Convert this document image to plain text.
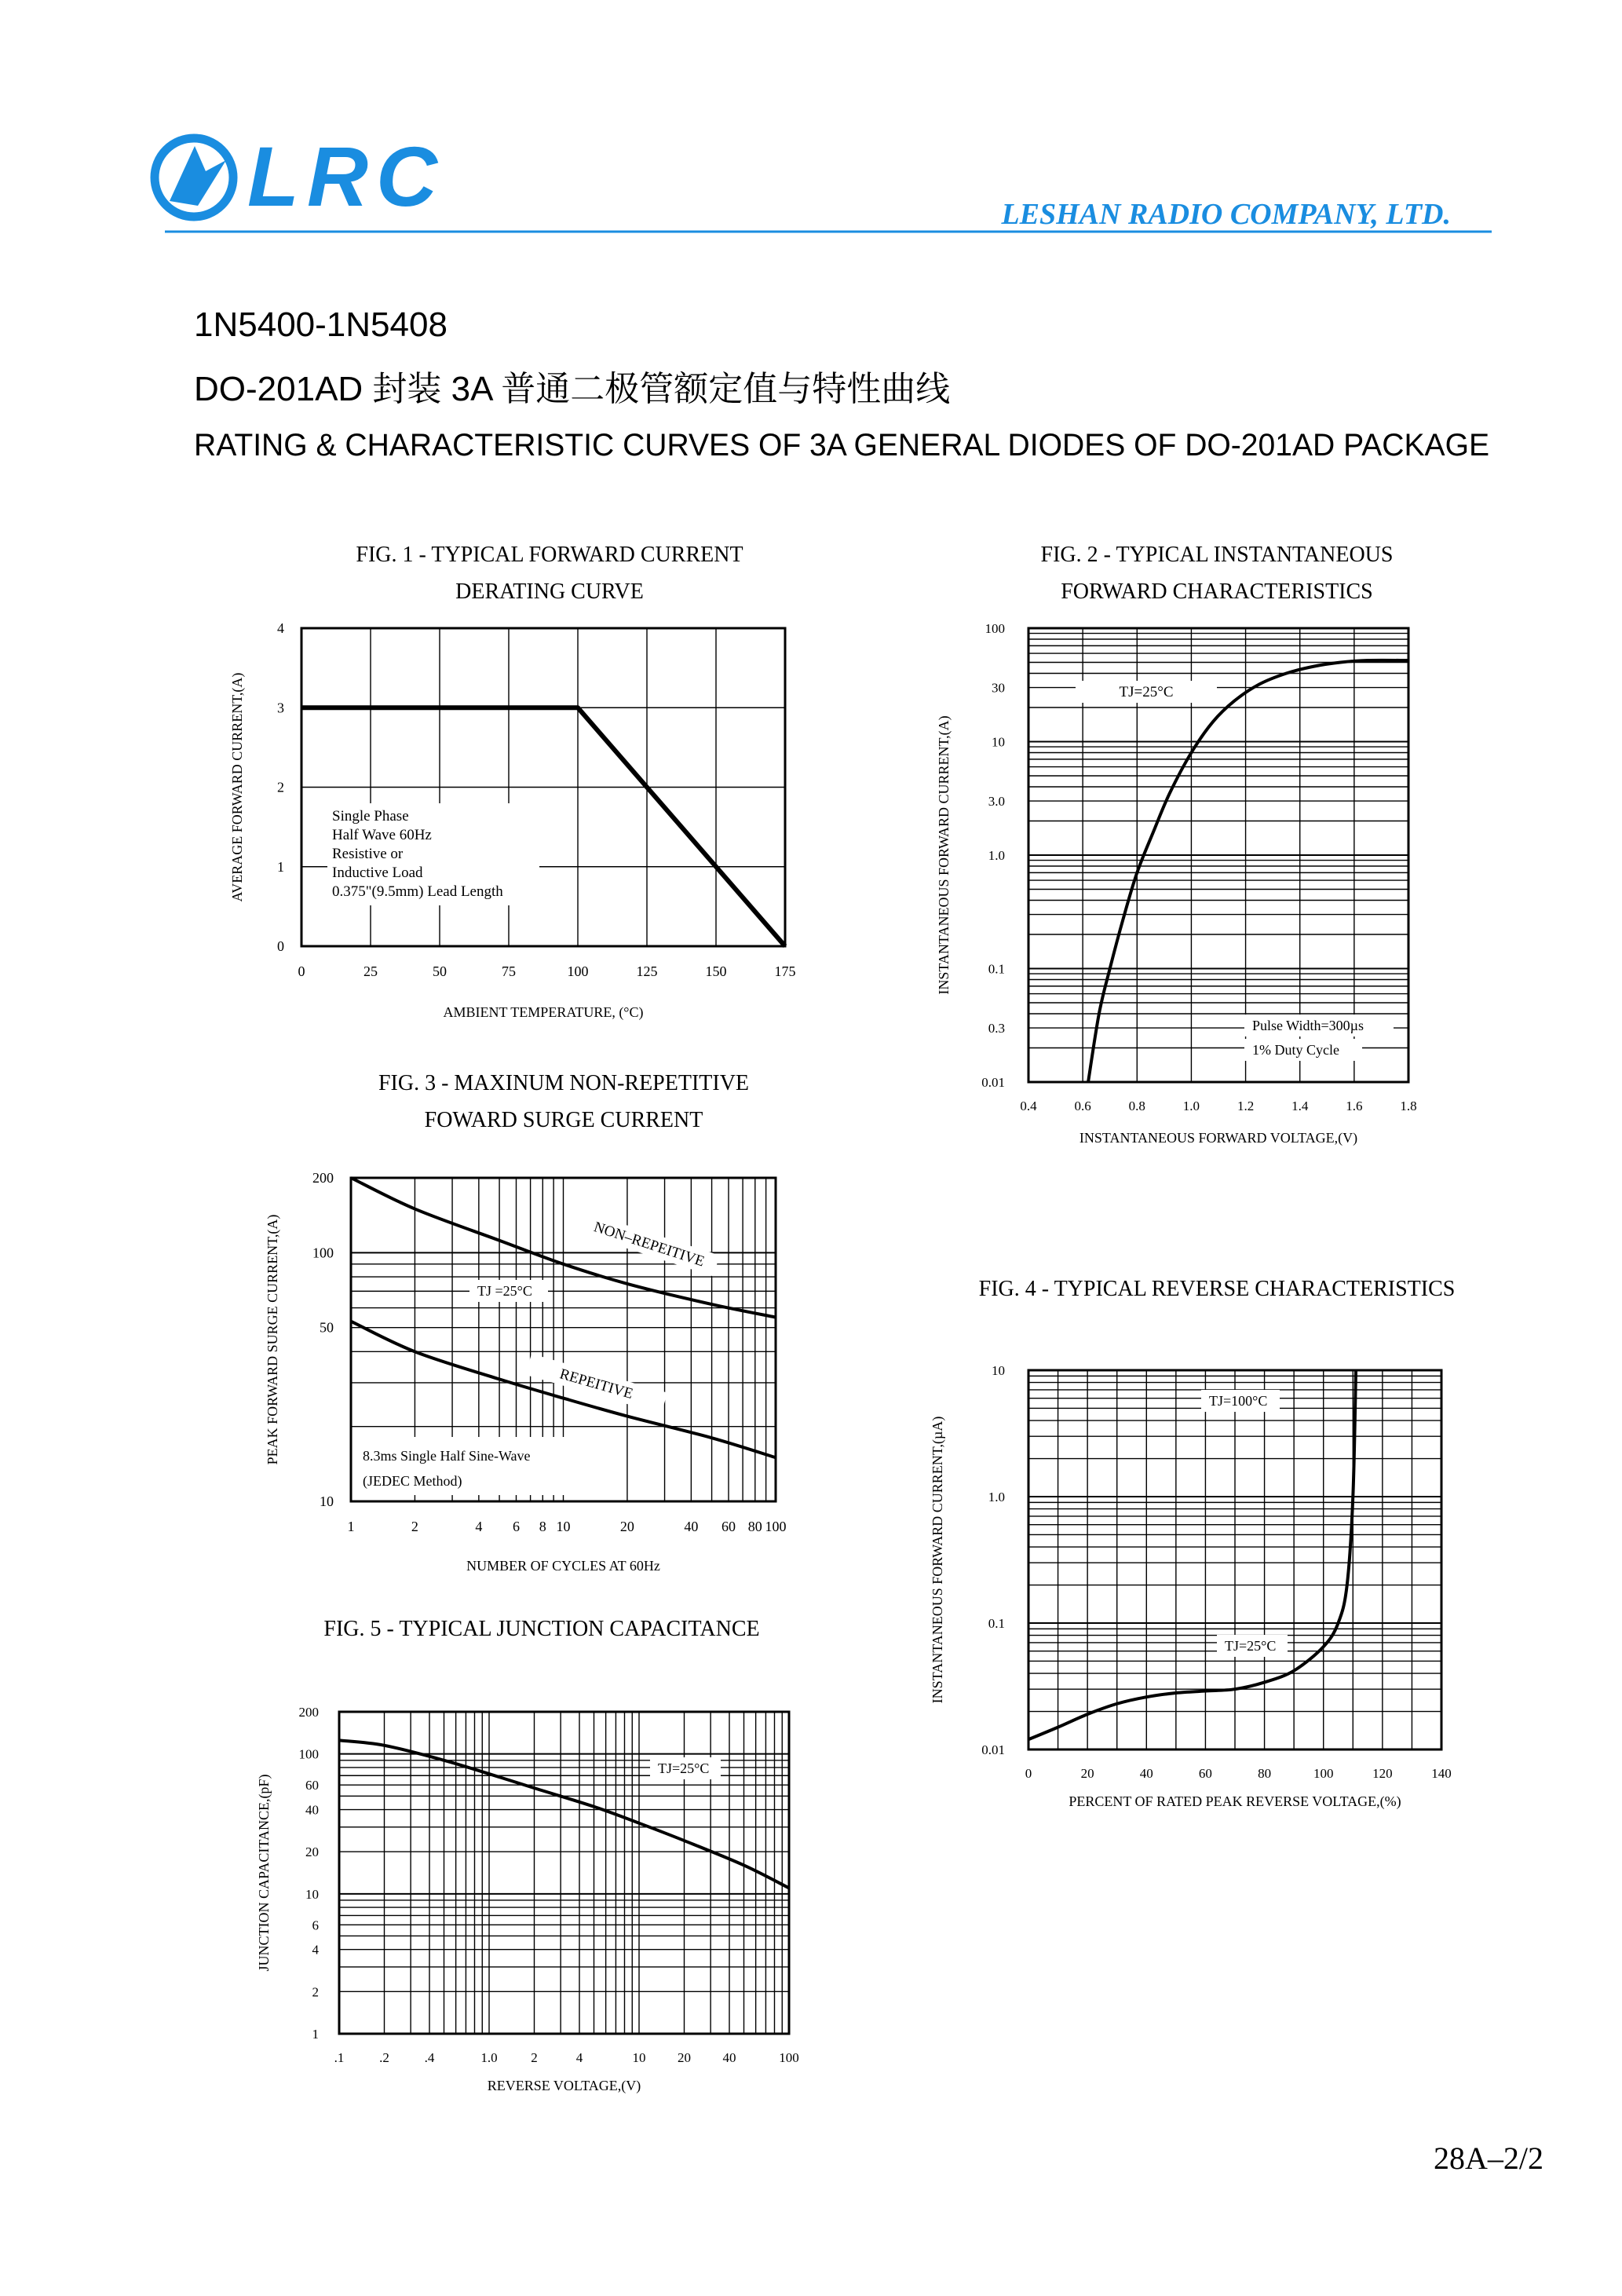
LRC	LESHAN RADIO COMPANY, LTD.
1N5400-1N5408
DO-201AD 封装 3A 普通二极管额定值与特性曲线
RATING & CHARACTERISTIC CURVES OF 3A GENERAL DIODES OF DO-201AD PACKAGE
28A–2/2
FIG. 1 - TYPICAL FORWARD CURRENT
DERATING CURVE
0	25	50	75	100	125	150	175
0
1
2
3
4
AMBIENT TEMPERATURE, (°C)
AVERAGE FORWARD CURRENT,(A)	Single Phase
Half Wave 60Hz
Resistive or
Inductive Load
0.375"(9.5mm) Lead Length
FIG. 2 - TYPICAL INSTANTANEOUS
FORWARD CHARACTERISTICS
0.4	0.6	0.8	1.0	1.2	1.4	1.6	1.8
0.01
0.3
0.1
1.0
3.0
10
30
100
INSTANTANEOUS FORWARD VOLTAGE,(V)
INSTANTANEOUS FORWARD CURRENT,(A)
TJ=25°C
Pulse Width=300µs
1% Duty Cycle
FIG. 3 - MAXINUM NON-REPETITIVE
FOWARD SURGE CURRENT
1	2	4 6 8 10	20	40 60 80 100
10
50
100
200
NUMBER OF CYCLES AT 60Hz
PEAK FORWARD SURGE CURRENT,(A)	NON–REPEITIVE
REPEITIVE
TJ =25°C
8.3ms Single Half Sine-Wave
(JEDEC Method)
FIG. 4 - TYPICAL REVERSE CHARACTERISTICS
0	20	40	60	80	100	120	140
0.01
0.1
1.0
10
PERCENT OF RATED PEAK REVERSE VOLTAGE,(%)
INSTANTANEOUS FORWARD CURRENT,(µA)
TJ=100°C
TJ=25°C
FIG. 5 - TYPICAL JUNCTION CAPACITANCE
.1	.2	.4	1.0	2	4	10 20 40	100
1
2
4
6
10
20
40
60
100
200
REVERSE VOLTAGE,(V)
JUNCTION CAPACITANCE,(pF)
TJ=25°C
